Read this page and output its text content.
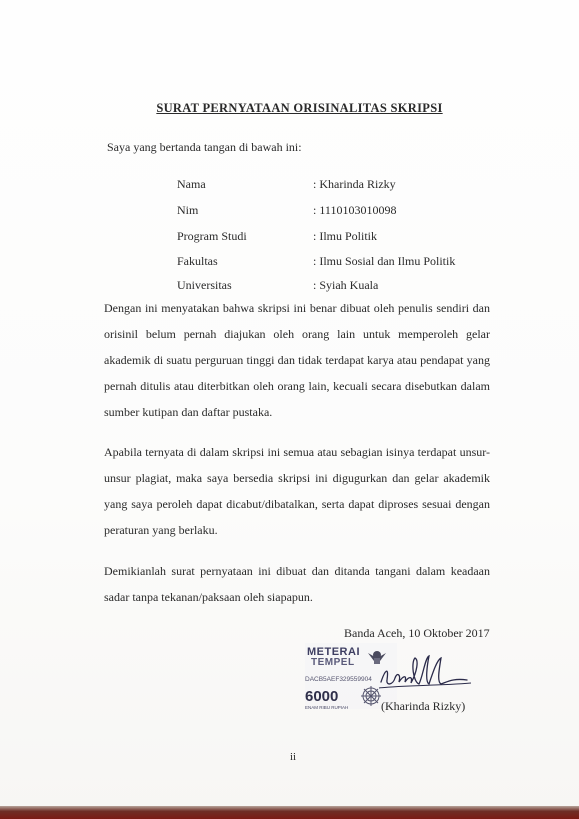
SURAT PERNYATAAN ORISINALITAS SKRIPSI
Saya yang bertanda tangan di bawah ini:
Nama	: Kharinda Rizky
Nim	: 1110103010098
Program Studi	: Ilmu Politik
Fakultas	: Ilmu Sosial dan Ilmu Politik
Universitas	: Syiah Kuala
Dengan ini menyatakan bahwa skripsi ini benar dibuat oleh penulis sendiri dan orisinil belum pernah diajukan oleh orang lain untuk memperoleh gelar akademik di suatu perguruan tinggi dan tidak terdapat karya atau pendapat yang pernah ditulis atau diterbitkan oleh orang lain, kecuali secara disebutkan dalam sumber kutipan dan daftar pustaka.
Apabila ternyata di dalam skripsi ini semua atau sebagian isinya terdapat unsur-unsur plagiat, maka saya bersedia skripsi ini digugurkan dan gelar akademik yang saya peroleh dapat dicabut/dibatalkan, serta dapat diproses sesuai dengan peraturan yang berlaku.
Demikianlah surat pernyataan ini dibuat dan ditanda tangani dalam keadaan sadar tanpa tekanan/paksaan oleh siapapun.
Banda Aceh, 10 Oktober 2017
METERAI
TEMPEL
DACB5AEF329559904
6000
ENAM RIBU RUPIAH	(Kharinda Rizky)
ii
